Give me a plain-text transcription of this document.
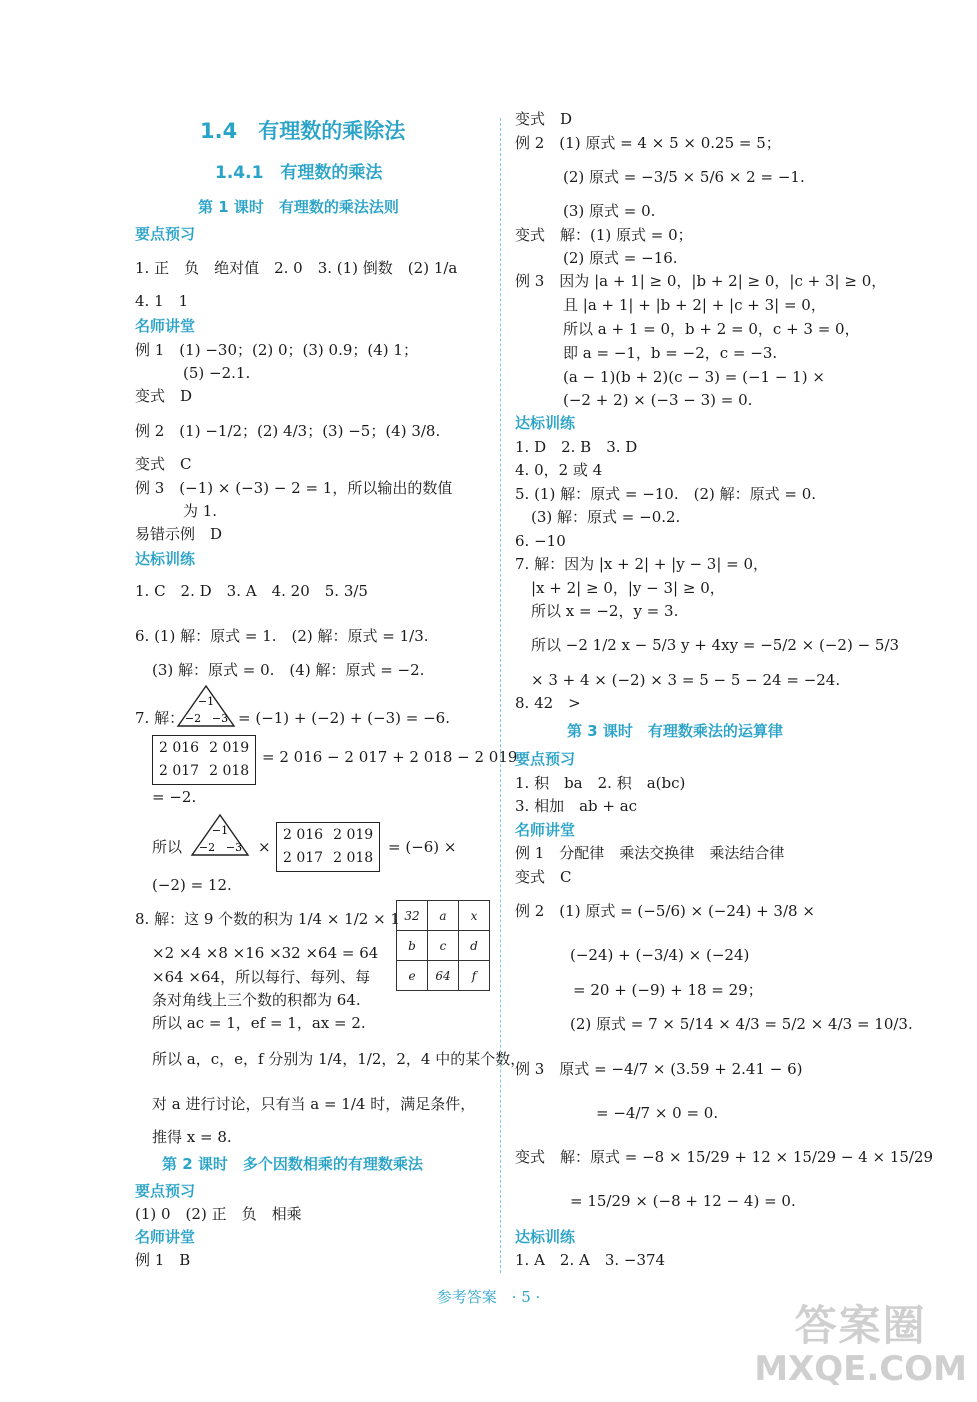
1.4　有理数的乘除法
1.4.1　有理数的乘法
第 1 课时　有理数的乘法法则
要点预习
1. 正　负　绝对值　2. 0　3. (1) 倒数　(2) 1/a
4. 1　1
名师讲堂
例 1　(1) −30；(2) 0；(3) 0.9；(4) 1；
(5) −2.1.
变式　D
例 2　(1) −1/2；(2) 4/3；(3) −5；(4) 3/8.
变式　C
例 3　(−1) × (−3) − 2 = 1，所以输出的数值
为 1.
易错示例　D
达标训练
1. C　2. D　3. A　4. 20　5. 3/5
6. (1) 解：原式 = 1.　(2) 解：原式 = 1/3.
(3) 解：原式 = 0.　(4) 解：原式 = −2.
7. 解：
−1
−2 −3 = (−1) + (−2) + (−3) = −6.
2 016	2 019
2 017	2 018
= 2 016 − 2 017 + 2 018 − 2 019
= −2.
所以
−1
−2 −3 ×
2 016	2 019
2 017	2 018
= (−6) ×
(−2) = 12.
8. 解：这 9 个数的积为 1/4 × 1/2 × 1 32	a	x
b	c	d
e	64	f
×2 ×4 ×8 ×16 ×32 ×64 = 64
×64 ×64，所以每行、每列、每
条对角线上三个数的积都为 64.
所以 ac = 1，ef = 1，ax = 2.
所以 a，c，e，f 分别为 1/4，1/2，2，4 中的某个数，
对 a 进行讨论，只有当 a = 1/4 时，满足条件，
推得 x = 8.
第 2 课时　多个因数相乘的有理数乘法
要点预习
(1) 0　(2) 正　负　相乘
名师讲堂
例 1　B
变式　D
例 2　(1) 原式 = 4 × 5 × 0.25 = 5；
(2) 原式 = −3/5 × 5/6 × 2 = −1.
(3) 原式 = 0.
变式　解：(1) 原式 = 0；
(2) 原式 = −16.
例 3　因为 |a + 1| ≥ 0，|b + 2| ≥ 0，|c + 3| ≥ 0，
且 |a + 1| + |b + 2| + |c + 3| = 0，
所以 a + 1 = 0，b + 2 = 0，c + 3 = 0，
即 a = −1，b = −2，c = −3.
(a − 1)(b + 2)(c − 3) = (−1 − 1) ×
(−2 + 2) × (−3 − 3) = 0.
达标训练
1. D　2. B　3. D
4. 0，2 或 4
5. (1) 解：原式 = −10.　(2) 解：原式 = 0.
(3) 解：原式 = −0.2.
6. −10
7. 解：因为 |x + 2| + |y − 3| = 0，
|x + 2| ≥ 0，|y − 3| ≥ 0，
所以 x = −2，y = 3.
所以 −2 1/2 x − 5/3 y + 4xy = −5/2 × (−2) − 5/3
× 3 + 4 × (−2) × 3 = 5 − 5 − 24 = −24.
8. 42　>
第 3 课时　有理数乘法的运算律
要点预习
1. 积　ba　2. 积　a(bc)
3. 相加　ab + ac
名师讲堂
例 1　分配律　乘法交换律　乘法结合律
变式　C
例 2　(1) 原式 = (−5/6) × (−24) + 3/8 ×
(−24) + (−3/4) × (−24)
= 20 + (−9) + 18 = 29；
(2) 原式 = 7 × 5/14 × 4/3 = 5/2 × 4/3 = 10/3.
例 3　原式 = −4/7 × (3.59 + 2.41 − 6)
= −4/7 × 0 = 0.
变式　解：原式 = −8 × 15/29 + 12 × 15/29 − 4 × 15/29
= 15/29 × (−8 + 12 − 4) = 0.
达标训练
1. A　2. A　3. −374
参考答案　· 5 ·
答案圈
MXQE.COM
